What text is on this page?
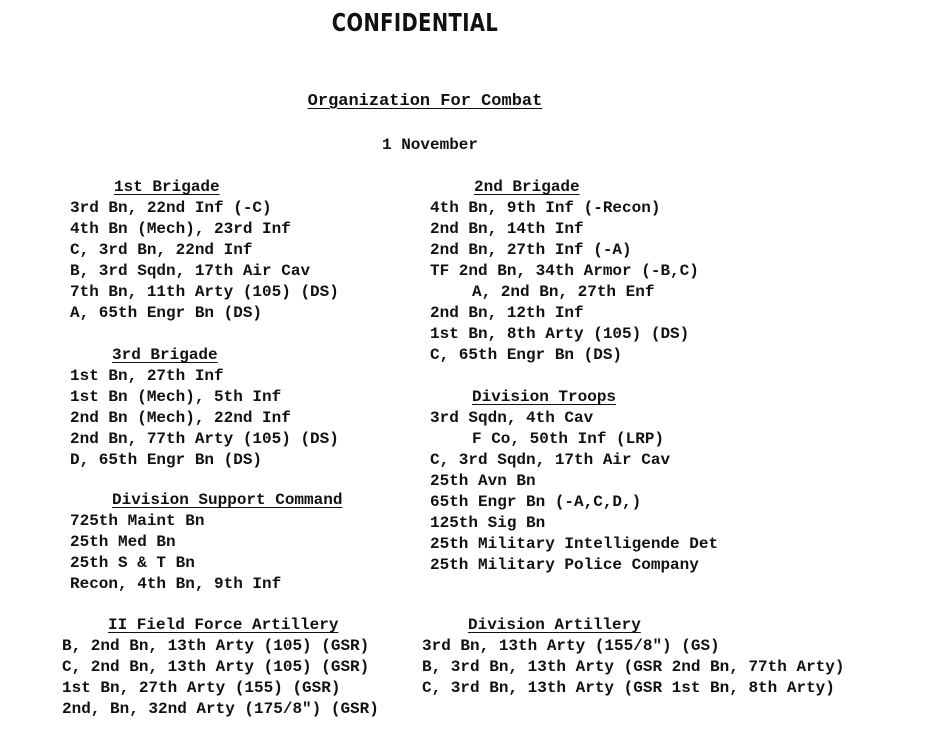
CONFIDENTIAL
Organization For Combat
1 November
1st Brigade
3rd Bn, 22nd Inf (-C)
4th Bn (Mech), 23rd Inf
C, 3rd Bn, 22nd Inf
B, 3rd Sqdn, 17th Air Cav
7th Bn, 11th Arty (105) (DS)
A, 65th Engr Bn (DS)
2nd Brigade
4th Bn, 9th Inf (-Recon)
2nd Bn, 14th Inf
2nd Bn, 27th Inf (-A)
TF 2nd Bn, 34th Armor (-B,C)
A, 2nd Bn, 27th Enf
2nd Bn, 12th Inf
1st Bn, 8th Arty (105) (DS)
C, 65th Engr Bn (DS)
3rd Brigade
1st Bn, 27th Inf
1st Bn (Mech), 5th Inf
2nd Bn (Mech), 22nd Inf
2nd Bn, 77th Arty (105) (DS)
D, 65th Engr Bn (DS)
Division Troops
3rd Sqdn, 4th Cav
F Co, 50th Inf (LRP)
C, 3rd Sqdn, 17th Air Cav
25th Avn Bn
65th Engr Bn (-A,C,D,)
125th Sig Bn
25th Military Intelligende Det
25th Military Police Company
Division Support Command
725th Maint Bn
25th Med Bn
25th S & T Bn
Recon, 4th Bn, 9th Inf
II Field Force Artillery
B, 2nd Bn, 13th Arty (105) (GSR)
C, 2nd Bn, 13th Arty (105) (GSR)
1st Bn, 27th Arty (155) (GSR)
2nd, Bn, 32nd Arty (175/8") (GSR)
Division Artillery
3rd Bn, 13th Arty (155/8") (GS)
B, 3rd Bn, 13th Arty (GSR 2nd Bn, 77th Arty)
C, 3rd Bn, 13th Arty (GSR 1st Bn, 8th Arty)
